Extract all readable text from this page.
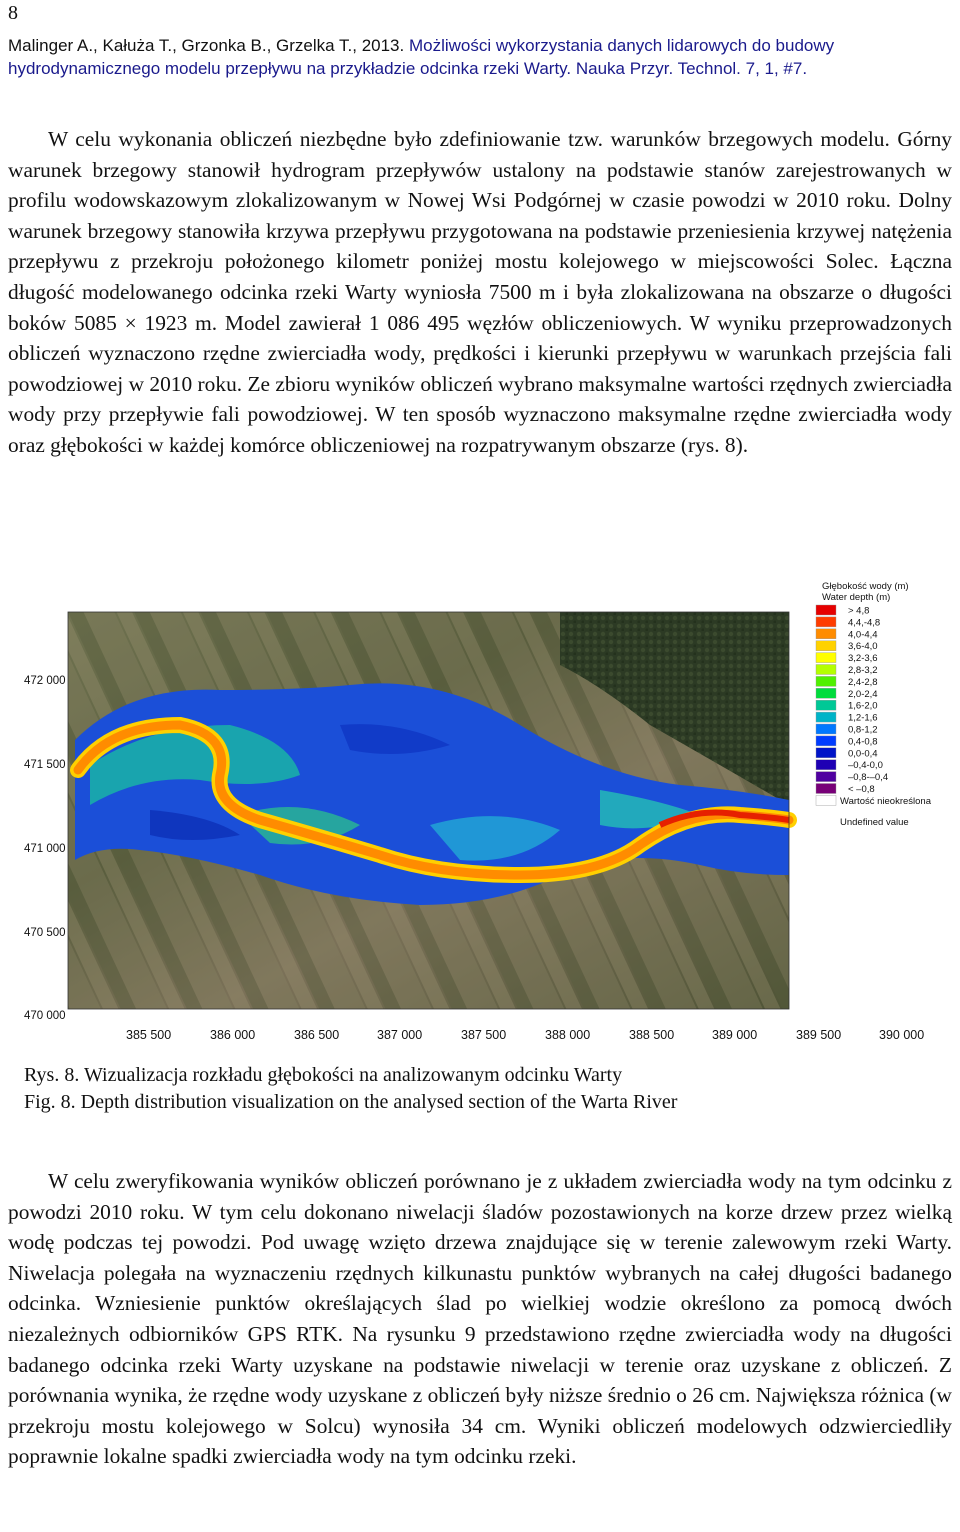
8
Malinger A., Kałuża T., Grzonka B., Grzelka T., 2013. Możliwości wykorzystania danych lidarowych do budowy hydrodynamicznego modelu przepływu na przykładzie odcinka rzeki Warty. Nauka Przyr. Technol. 7, 1, #7.

W celu wykonania obliczeń niezbędne było zdefiniowanie tzw. warunków brzegowych modelu. Górny warunek brzegowy stanowił hydrogram przepływów ustalony na podstawie stanów zarejestrowanych w profilu wodowskazowym zlokalizowanym w Nowej Wsi Podgórnej w czasie powodzi w 2010 roku. Dolny warunek brzegowy stanowiła krzywa przepływu przygotowana na podstawie przeniesienia krzywej natężenia przepływu z przekroju położonego kilometr poniżej mostu kolejowego w miejscowości Solec. Łączna długość modelowanego odcinka rzeki Warty wyniosła 7500 m i była zlokalizowana na obszarze o długości boków 5085 × 1923 m. Model zawierał 1 086 495 węzłów obliczeniowych. W wyniku przeprowadzonych obliczeń wyznaczono rzędne zwierciadła wody, prędkości i kierunki przepływu w warunkach przejścia fali powodziowej w 2010 roku. Ze zbioru wyników obliczeń wybrano maksymalne wartości rzędnych zwierciadła wody przy przepływie fali powodziowej. W ten sposób wyznaczono maksymalne rzędne zwierciadła wody oraz głębokości w każdej komórce obliczeniowej na rozpatrywanym obszarze (rys. 8).

472 000
471 500
471 000
470 500
470 000
385 500	386 000	386 500	387 000	387 500	388 000	388 500	389 000	389 500	390 000
Głębokość wody (m)
Water depth (m)
> 4,8
4,4,-4,8
4,0-4,4
3,6-4,0
3,2-3,6
2,8-3,2
2,4-2,8
2,0-2,4
1,6-2,0
1,2-1,6
0,8-1,2
0,4-0,8
0,0-0,4
–0,4-0,0
–0,8-–0,4
< –0,8
Wartość nieokreślona
Undefined value
Rys. 8. Wizualizacja rozkładu głębokości na analizowanym odcinku Warty
Fig. 8. Depth distribution visualization on the analysed section of the Warta River

W celu zweryfikowania wyników obliczeń porównano je z układem zwierciadła wody na tym odcinku z powodzi 2010 roku. W tym celu dokonano niwelacji śladów pozostawionych na korze drzew przez wielką wodę podczas tej powodzi. Pod uwagę wzięto drzewa znajdujące się w terenie zalewowym rzeki Warty. Niwelacja polegała na wyznaczeniu rzędnych kilkunastu punktów wybranych na całej długości badanego odcinka. Wzniesienie punktów określających ślad po wielkiej wodzie określono za pomocą dwóch niezależnych odbiorników GPS RTK. Na rysunku 9 przedstawiono rzędne zwierciadła wody na długości badanego odcinka rzeki Warty uzyskane na podstawie niwelacji w terenie oraz uzyskane z obliczeń. Z porównania wynika, że rzędne wody uzyskane z obliczeń były niższe średnio o 26 cm. Największa różnica (w przekroju mostu kolejowego w Solcu) wynosiła 34 cm. Wyniki obliczeń modelowych odzwierciedliły poprawnie lokalne spadki zwierciadła wody na tym odcinku rzeki.
